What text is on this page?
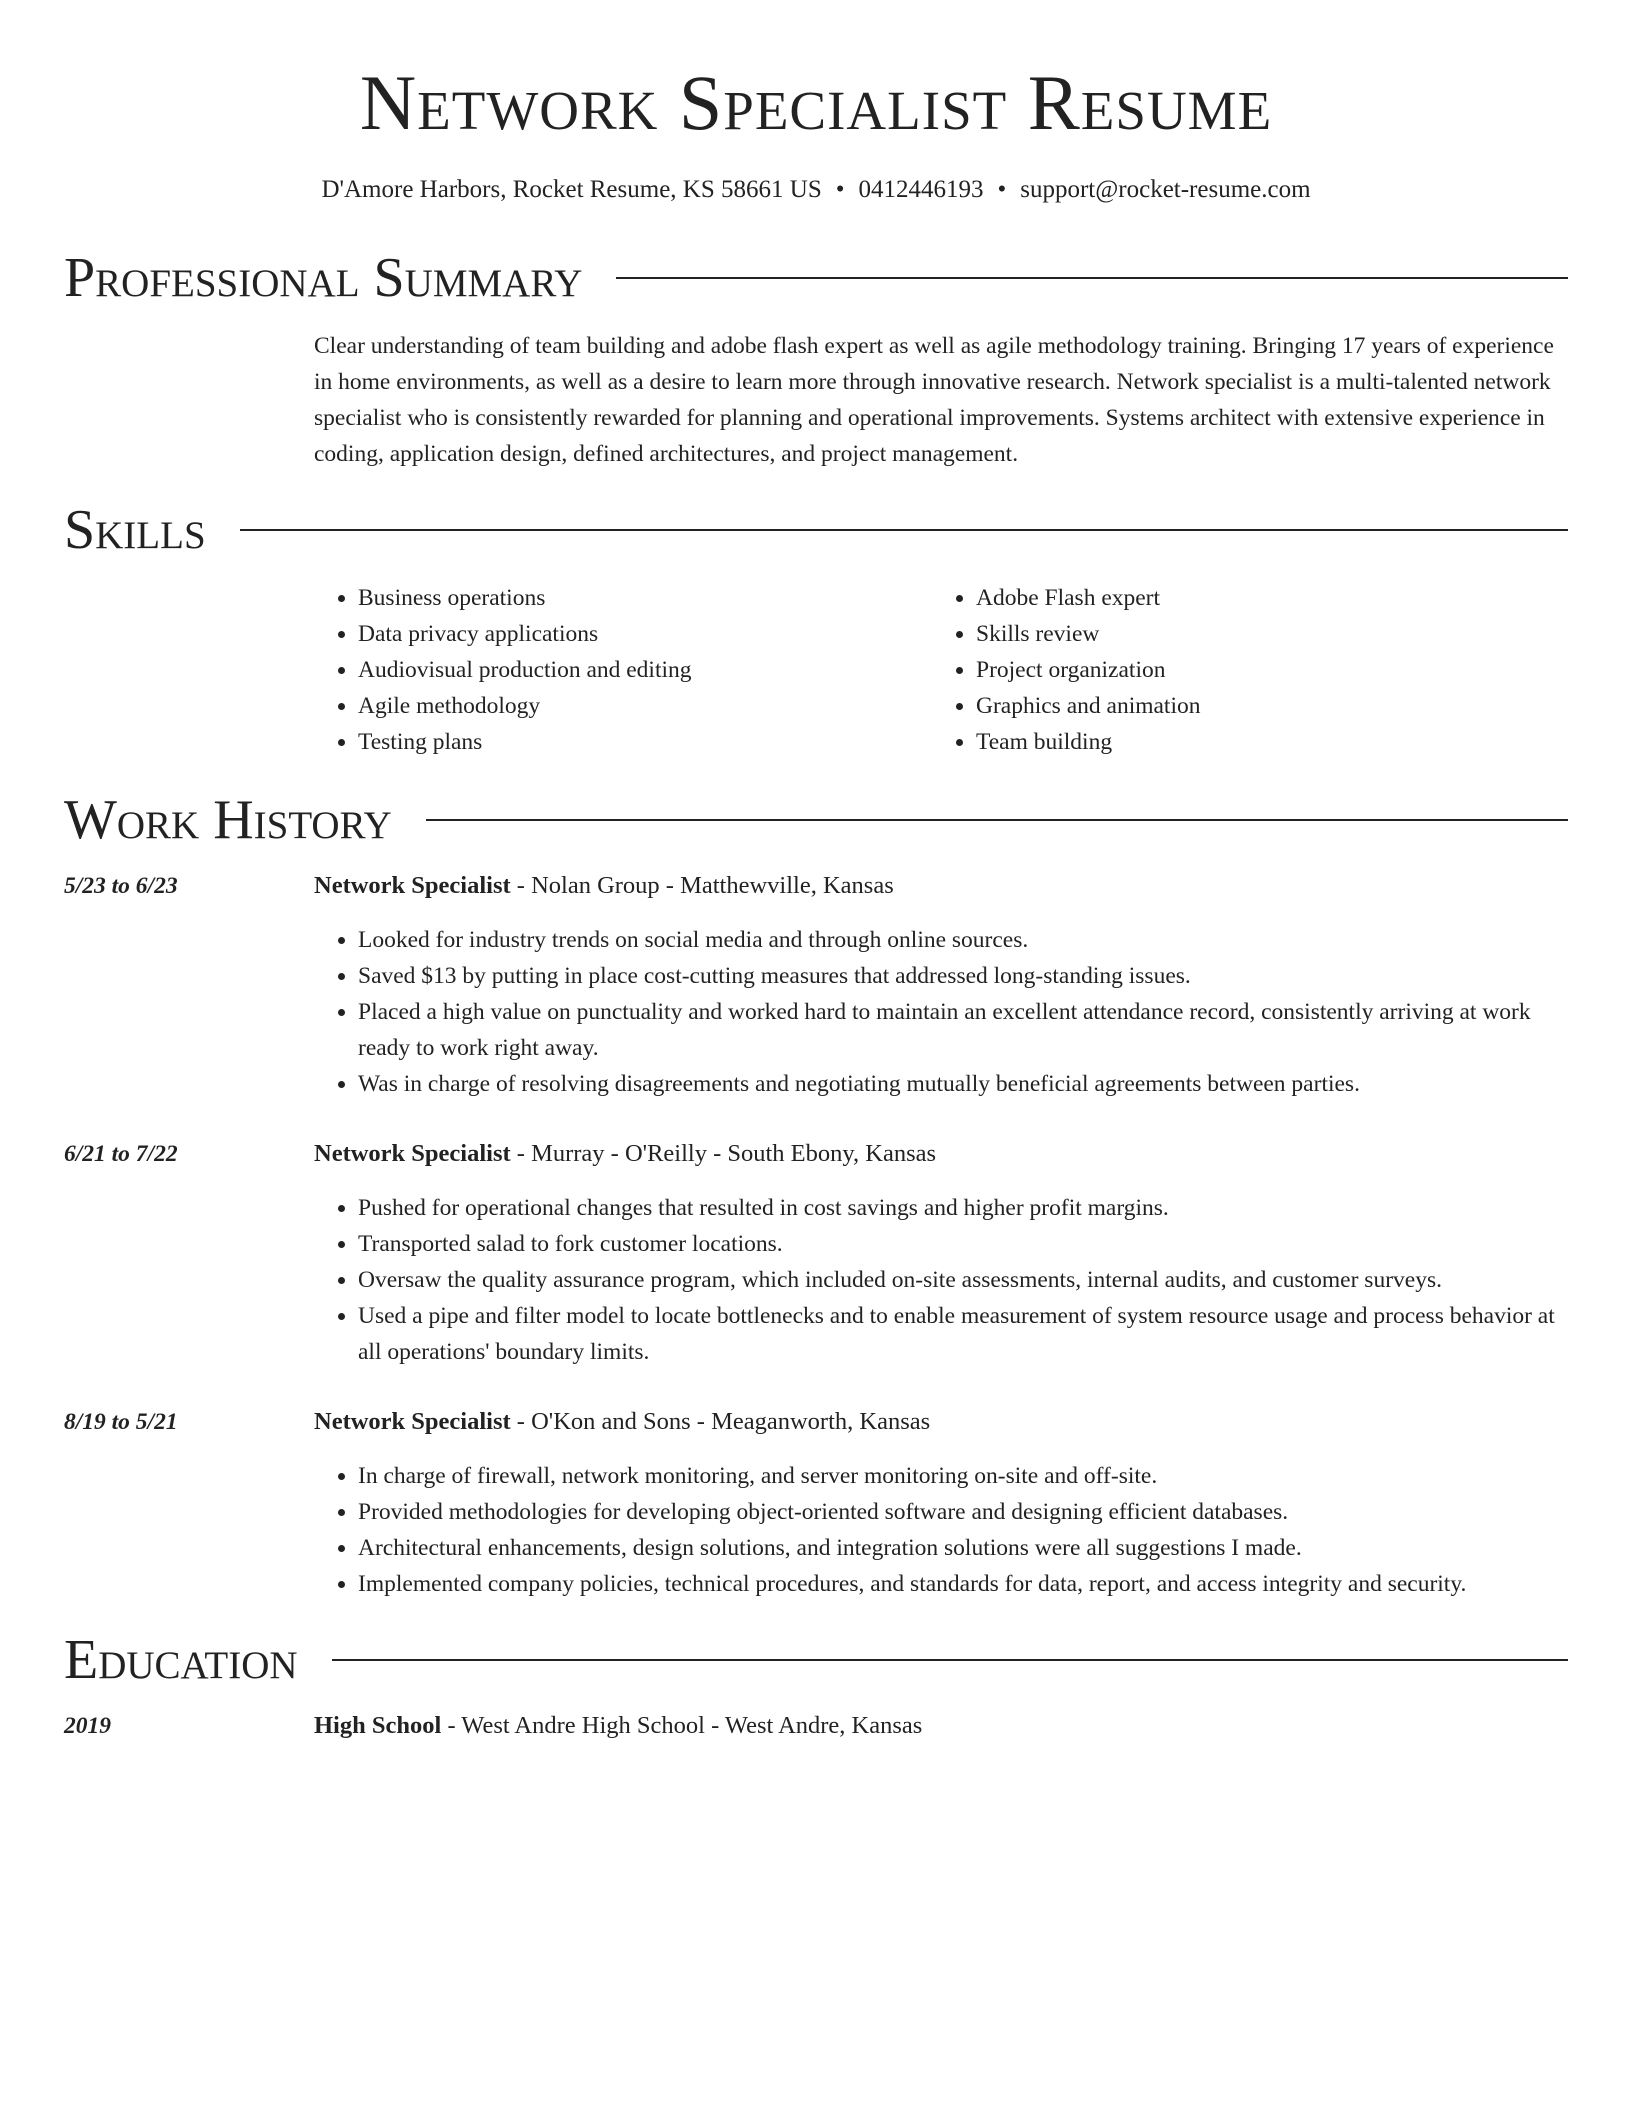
Network Specialist Resume
D'Amore Harbors, Rocket Resume, KS 58661 US • 0412446193 • support@rocket-resume.com
Professional Summary
Clear understanding of team building and adobe flash expert as well as agile methodology training. Bringing 17 years of experience in home environments, as well as a desire to learn more through innovative research. Network specialist is a multi-talented network specialist who is consistently rewarded for planning and operational improvements. Systems architect with extensive experience in coding, application design, defined architectures, and project management.
Skills
• Business operations
• Data privacy applications
• Audiovisual production and editing
• Agile methodology
• Testing plans
• Adobe Flash expert
• Skills review
• Project organization
• Graphics and animation
• Team building
Work History
5/23 to 6/23	Network Specialist - Nolan Group - Matthewville, Kansas
• Looked for industry trends on social media and through online sources.
• Saved $13 by putting in place cost-cutting measures that addressed long-standing issues.
• Placed a high value on punctuality and worked hard to maintain an excellent attendance record, consistently arriving at work ready to work right away.
• Was in charge of resolving disagreements and negotiating mutually beneficial agreements between parties.
6/21 to 7/22	Network Specialist - Murray - O'Reilly - South Ebony, Kansas
• Pushed for operational changes that resulted in cost savings and higher profit margins.
• Transported salad to fork customer locations.
• Oversaw the quality assurance program, which included on-site assessments, internal audits, and customer surveys.
• Used a pipe and filter model to locate bottlenecks and to enable measurement of system resource usage and process behavior at all operations' boundary limits.
8/19 to 5/21	Network Specialist - O'Kon and Sons - Meaganworth, Kansas
• In charge of firewall, network monitoring, and server monitoring on-site and off-site.
• Provided methodologies for developing object-oriented software and designing efficient databases.
• Architectural enhancements, design solutions, and integration solutions were all suggestions I made.
• Implemented company policies, technical procedures, and standards for data, report, and access integrity and security.
Education
2019	High School - West Andre High School - West Andre, Kansas
